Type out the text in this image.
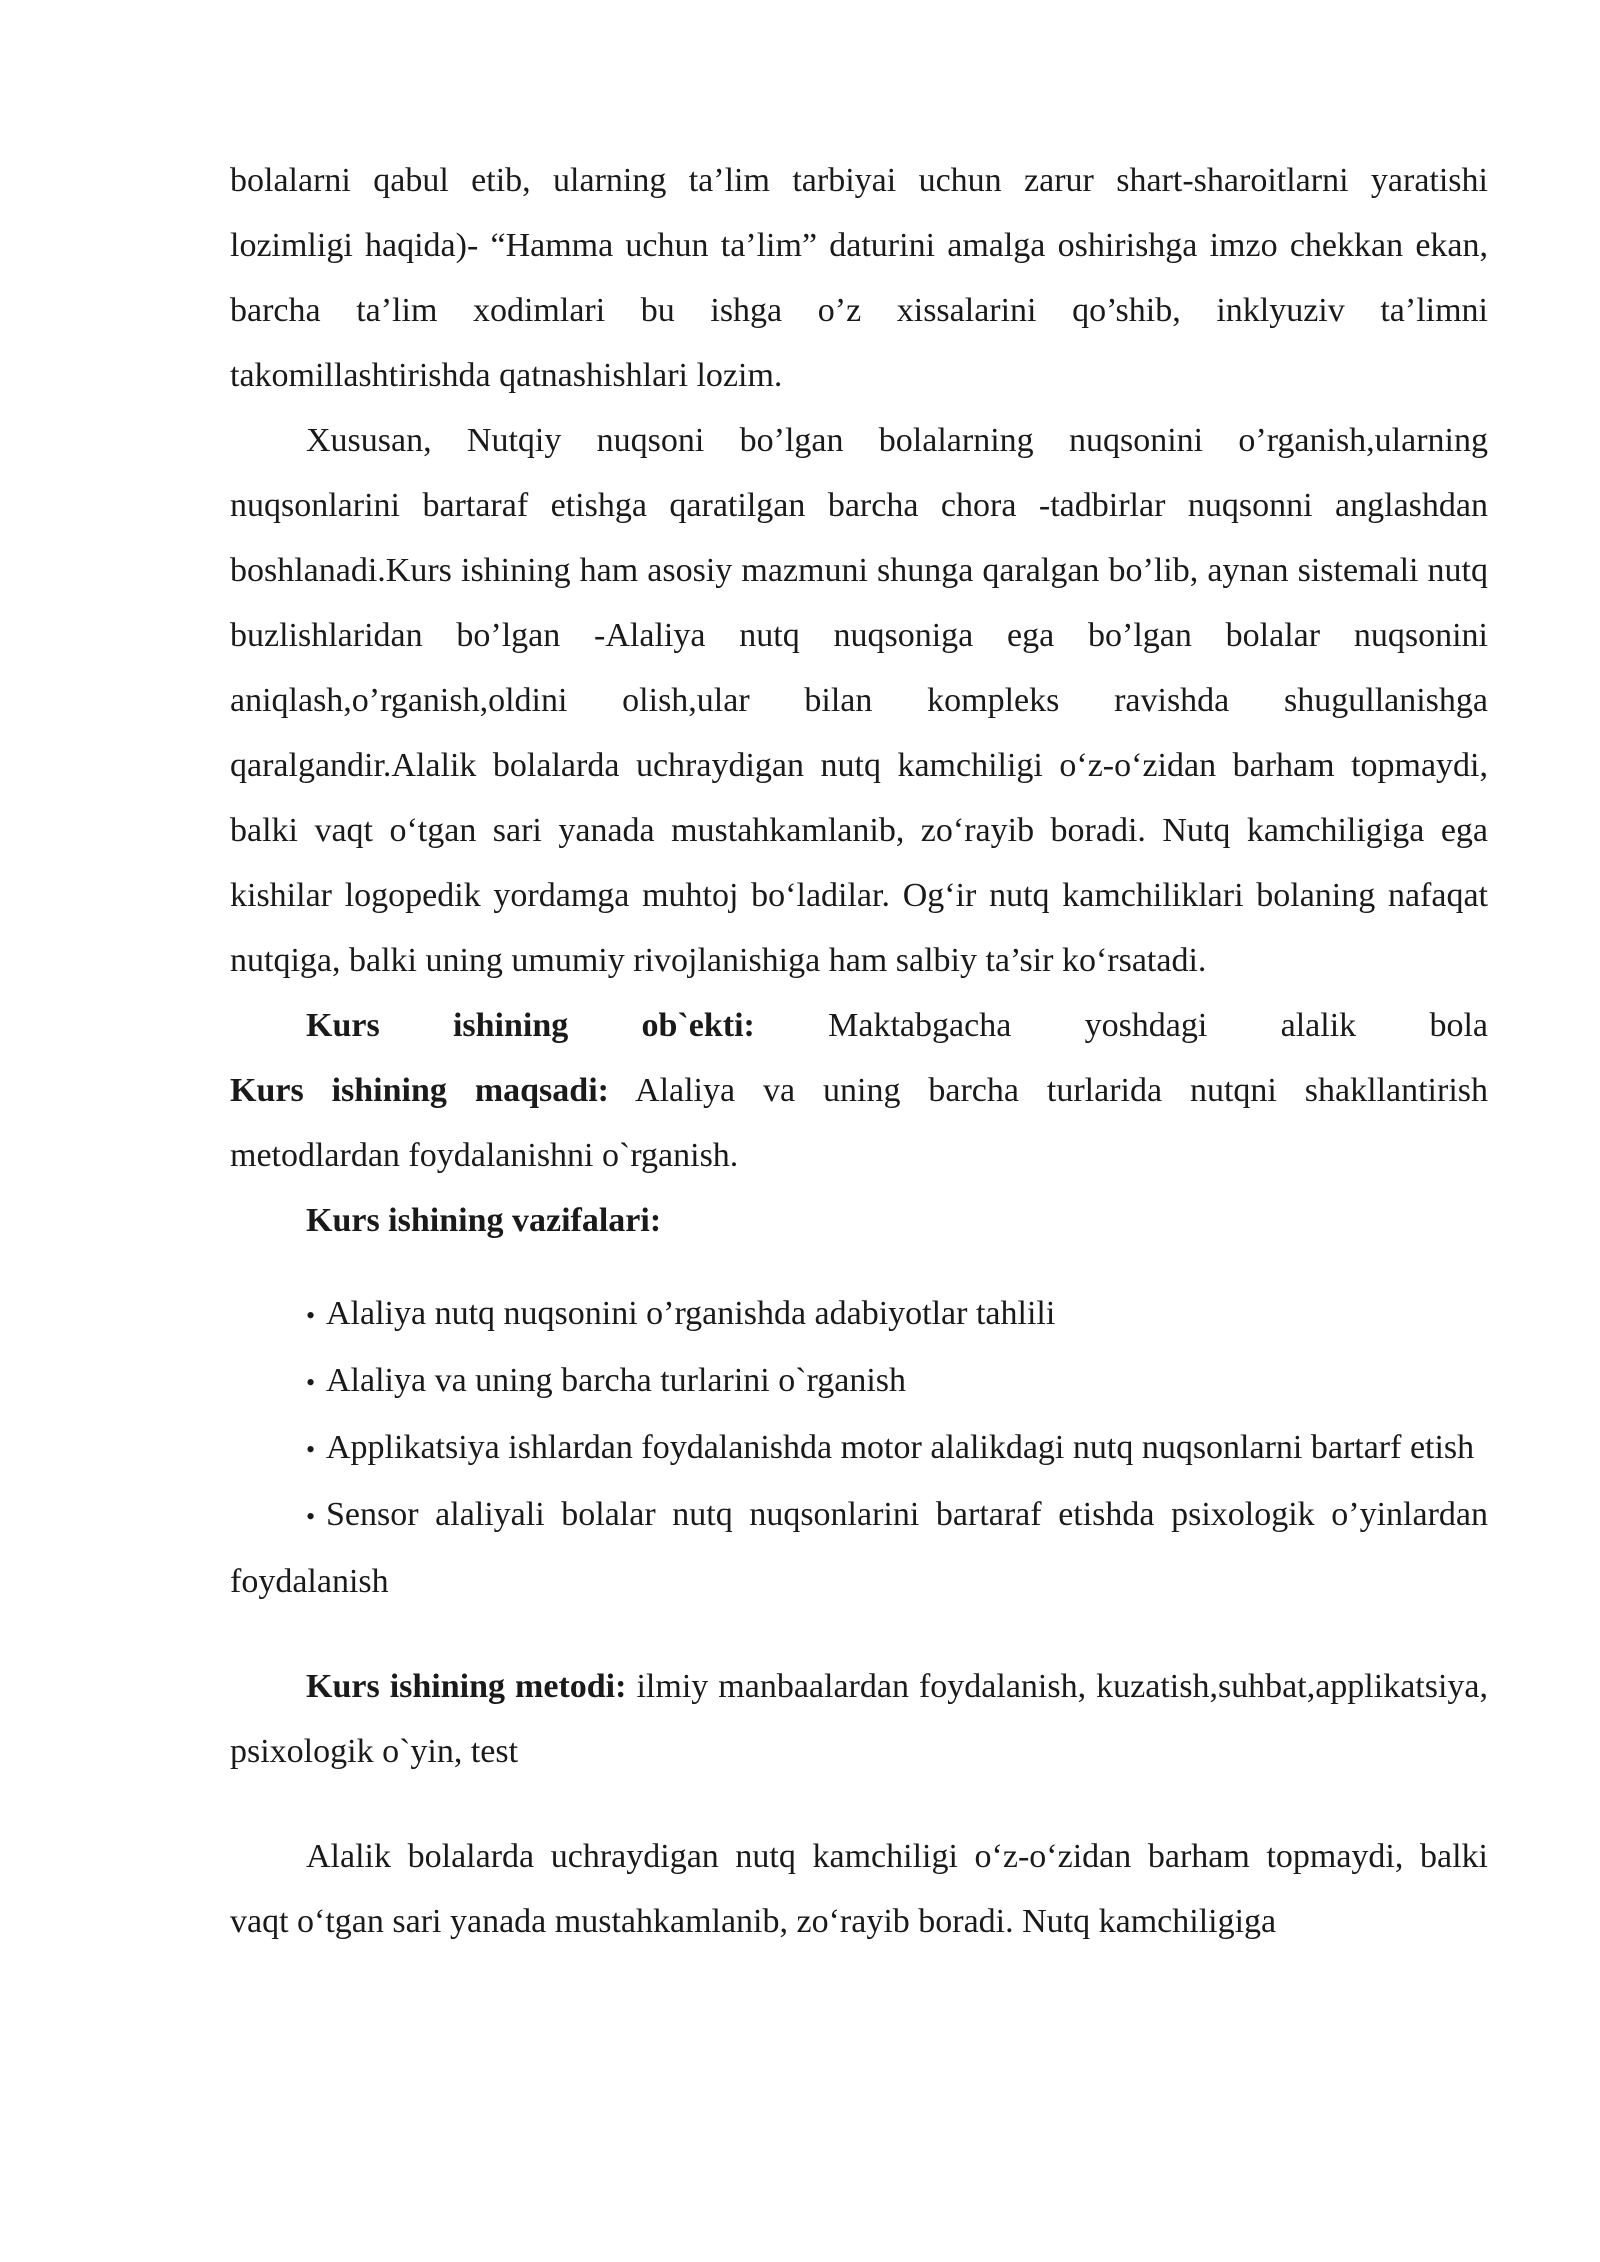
bolalarni qabul etib, ularning ta’lim tarbiyai uchun zarur shart-sharoitlarni yaratishi lozimligi haqida)- “Hamma uchun ta’lim” daturini amalga oshirishga imzo chekkan ekan, barcha ta’lim xodimlari bu ishga o’z xissalarini qo’shib, inklyuziv ta’limni takomillashtirishda qatnashishlari lozim.

Xususan, Nutqiy nuqsoni bo’lgan bolalarning nuqsonini o’rganish,ularning nuqsonlarini bartaraf etishga qaratilgan barcha chora -tadbirlar nuqsonni anglashdan boshlanadi.Kurs ishining ham asosiy mazmuni shunga qaralgan bo’lib, aynan sistemali nutq buzlishlaridan bo’lgan -Alaliya nutq nuqsoniga ega bo’lgan bolalar nuqsonini aniqlash,o’rganish,oldini olish,ular bilan kompleks ravishda shugullanishga qaralgandir.Alalik bolalarda uchraydigan nutq kamchiligi o‘z-o‘zidan barham topmaydi, balki vaqt o‘tgan sari yanada mustahkamlanib, zo‘rayib boradi. Nutq kamchiligiga ega kishilar logopedik yordamga muhtoj bo‘ladilar. Og‘ir nutq kamchiliklari bolaning nafaqat nutqiga, balki uning umumiy rivojlanishiga ham salbiy ta’sir ko‘rsatadi.

Kurs ishining ob`ekti: Maktabgacha yoshdagi alalik bola

Kurs ishining maqsadi: Alaliya va uning barcha turlarida nutqni shakllantirish metodlardan foydalanishni o`rganish.

Kurs ishining vazifalari:

• Alaliya nutq nuqsonini o’rganishda adabiyotlar tahlili

• Alaliya va uning barcha turlarini o`rganish

• Applikatsiya ishlardan foydalanishda motor alalikdagi nutq nuqsonlarni bartarf etish

• Sensor alaliyali bolalar nutq nuqsonlarini bartaraf etishda psixologik o’yinlardan foydalanish

Kurs ishining metodi: ilmiy manbaalardan foydalanish, kuzatish,suhbat,applikatsiya, psixologik o`yin, test

Alalik bolalarda uchraydigan nutq kamchiligi o‘z-o‘zidan barham topmaydi, balki vaqt o‘tgan sari yanada mustahkamlanib, zo‘rayib boradi. Nutq kamchiligiga
